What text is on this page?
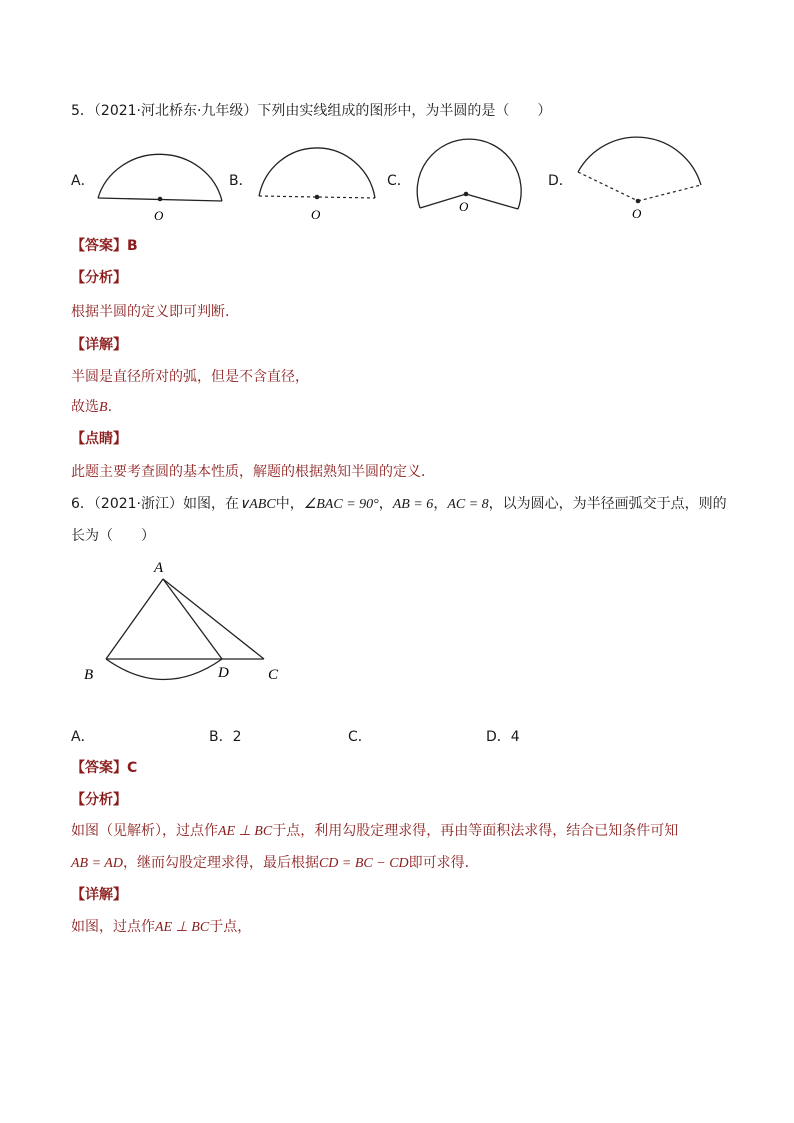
5．（2021·河北桥东·九年级）下列由实线组成的图形中，为半圆的是（　　）
A．
O
B．
O
C．
O
D．
O
【答案】B
【分析】
根据半圆的定义即可判断．
【详解】
半圆是直径所对的弧，但是不含直径，
故选B.
【点睛】
此题主要考查圆的基本性质，解题的根据熟知半圆的定义．
6．（2021·浙江）如图，在∨ABC中，∠BAC = 90°，AB = 6，AC = 8，以为圆心，为半径画弧交于点，则的
长为（　　）
A
B	D	C
A．	B．2	C．	D．4
【答案】C
【分析】
如图（见解析），过点作AE ⊥ BC于点，利用勾股定理求得，再由等面积法求得，结合已知条件可知
AB = AD，继而勾股定理求得，最后根据CD = BC − CD即可求得．
【详解】
如图，过点作AE ⊥ BC于点，
